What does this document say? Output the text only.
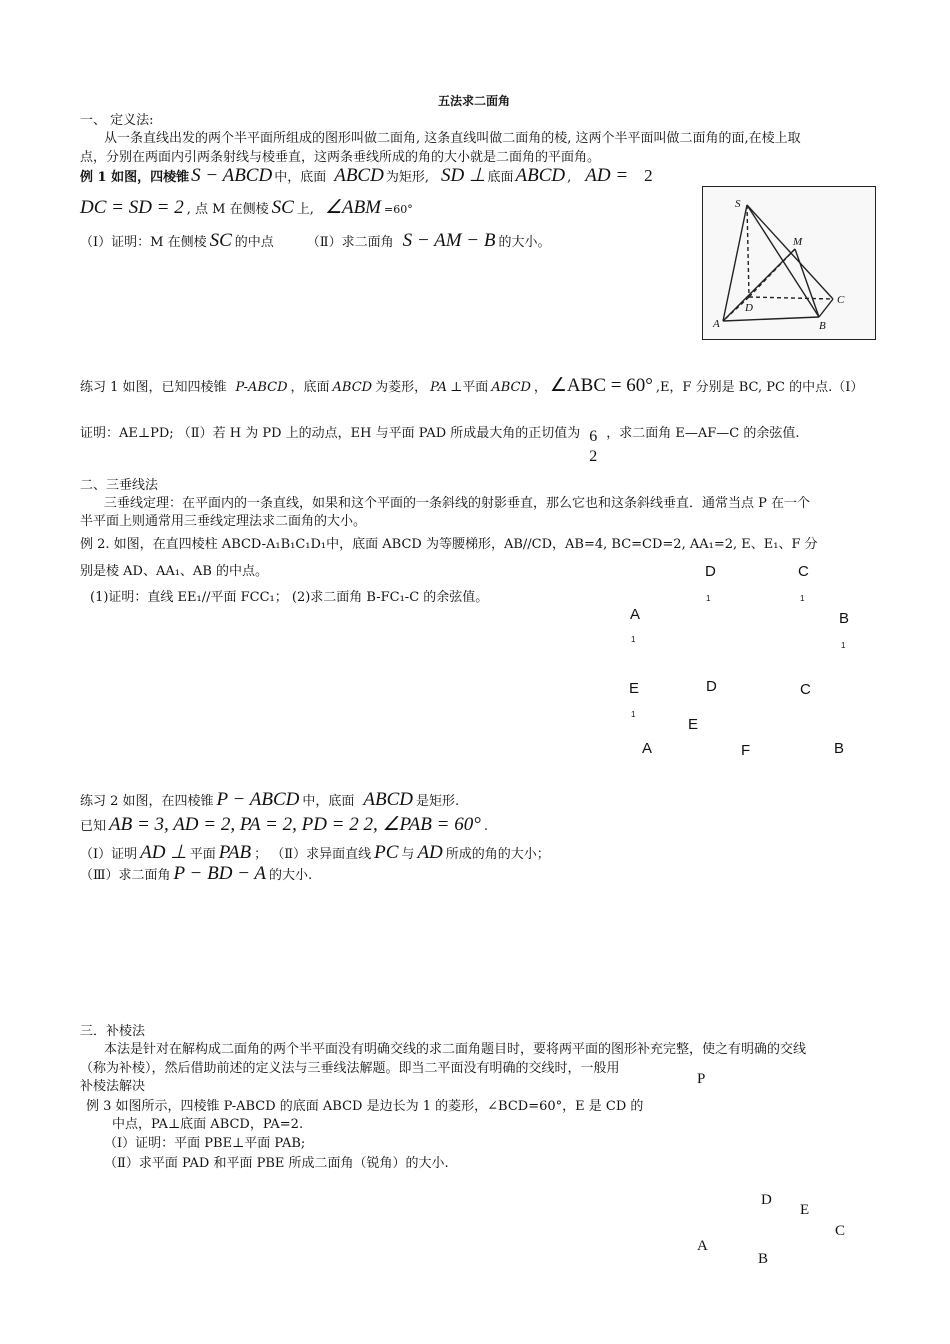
五法求二面角
一、 定义法:
从一条直线出发的两个半平面所组成的图形叫做二面角, 这条直线叫做二面角的棱, 这两个半平面叫做二面角的面,在棱上取
点，分别在两面内引两条射线与棱垂直，这两条垂线所成的角的大小就是二面角的平面角。
例 1 如图，四棱锥 S − ABCD 中，底面 ABCD 为矩形, SD ⊥ 底面 ABCD , AD = 2
DC = SD = 2 , 点 M 在侧棱 SC 上, ∠ABM =60°
（I）证明：M 在侧棱 SC 的中点	（Ⅱ）求二面角 S − AM − B 的大小。
S
M
C
D
A	B
练习 1 如图，已知四棱锥 P-ABCD ，底面 ABCD 为菱形， PA ⊥平面 ABCD ， ∠ABC = 60° ,E，F 分别是 BC, PC 的中点.（Ⅰ）
证明：AE⊥PD; （Ⅱ）若 H 为 PD 上的动点，EH 与平面 PAD 所成最大角的正切值为 6
2
，求二面角 E—AF—C 的余弦值.
二、三垂线法
三垂线定理：在平面内的一条直线，如果和这个平面的一条斜线的射影垂直，那么它也和这条斜线垂直．通常当点 P 在一个
半平面上则通常用三垂线定理法求二面角的大小。
例 2. 如图，在直四棱柱 ABCD-A₁B₁C₁D₁中，底面 ABCD 为等腰梯形，AB//CD，AB=4, BC=CD=2, AA₁=2, E、E₁、F 分
别是棱 AD、AA₁、AB 的中点。
(1)证明：直线 EE₁//平面 FCC₁； (2)求二面角 B-FC₁-C 的余弦值。
D
1
C
1
A
1
B
1
E
1
D	C
E
A	F	B
练习 2 如图，在四棱锥 P − ABCD 中，底面 ABCD 是矩形.
已知 AB = 3, AD = 2, PA = 2, PD = 2 2, ∠PAB = 60° .
（Ⅰ）证明 AD ⊥ 平面 PAB ； （Ⅱ）求异面直线 PC 与 AD 所成的角的大小；
（Ⅲ）求二面角 P − BD − A 的大小.
三．补棱法
本法是针对在解构成二面角的两个半平面没有明确交线的求二面角题目时，要将两平面的图形补充完整，使之有明确的交线
（称为补棱），然后借助前述的定义法与三垂线法解题。即当二平面没有明确的交线时，一般用
补棱法解决
例 3 如图所示，四棱锥 P-ABCD 的底面 ABCD 是边长为 1 的菱形，∠BCD=60°，E 是 CD 的
中点，PA⊥底面 ABCD，PA=2.
（Ⅰ）证明：平面 PBE⊥平面 PAB;
（Ⅱ）求平面 PAD 和平面 PBE 所成二面角（锐角）的大小.
P
D
E
C
A
B
